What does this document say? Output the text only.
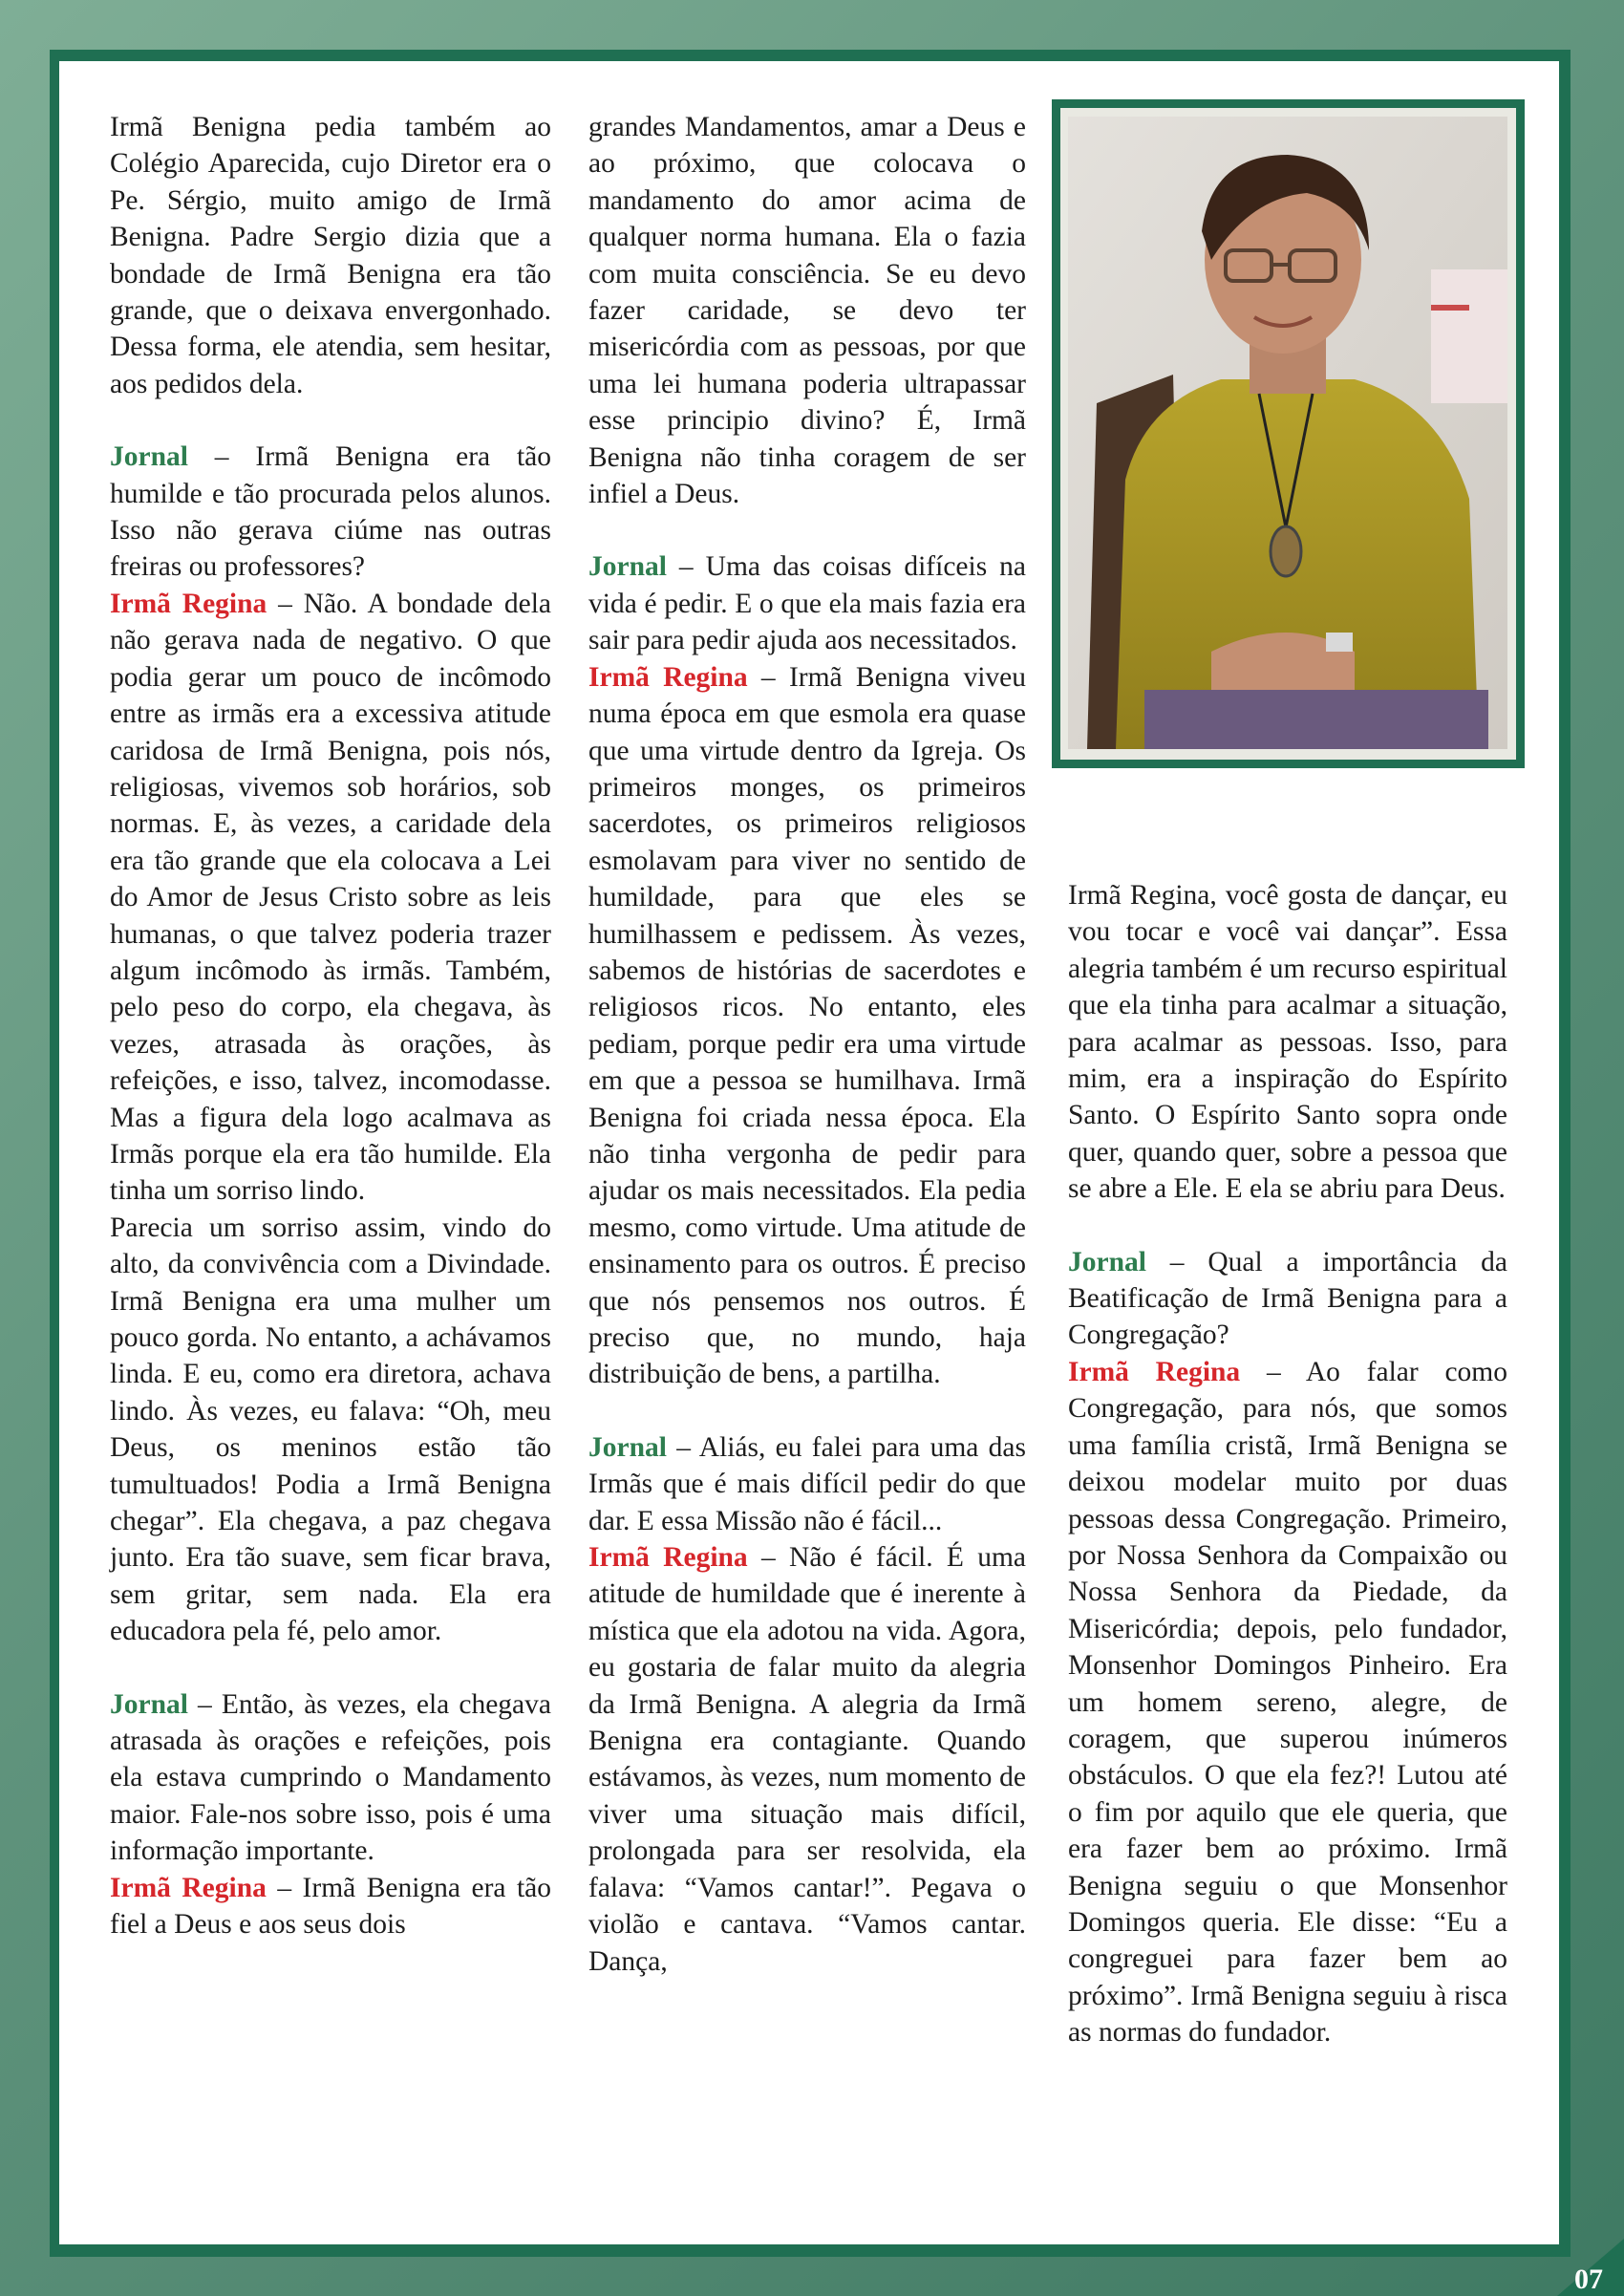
Irmã Benigna pedia também ao Colégio Aparecida, cujo Diretor era o Pe. Sérgio, muito amigo de Irmã Benigna. Padre Sergio dizia que a bondade de Irmã Benigna era tão grande, que o deixava envergonhado. Dessa forma, ele atendia, sem hesitar, aos pedidos dela.

Jornal – Irmã Benigna era tão humilde e tão procurada pelos alunos. Isso não gerava ciúme nas outras freiras ou professores?

Irmã Regina – Não. A bondade dela não gerava nada de negativo. O que podia gerar um pouco de incômodo entre as irmãs era a excessiva atitude caridosa de Irmã Benigna, pois nós, religiosas, vivemos sob horários, sob normas. E, às vezes, a caridade dela era tão grande que ela colocava a Lei do Amor de Jesus Cristo sobre as leis humanas, o que talvez poderia trazer algum incômodo às irmãs. Também, pelo peso do corpo, ela chegava, às vezes, atrasada às orações, às refeições, e isso, talvez, incomodasse. Mas a figura dela logo acalmava as Irmãs porque ela era tão humilde. Ela tinha um sorriso lindo.

Parecia um sorriso assim, vindo do alto, da convivência com a Divindade. Irmã Benigna era uma mulher um pouco gorda. No entanto, a achávamos linda. E eu, como era diretora, achava lindo. Às vezes, eu falava: “Oh, meu Deus, os meninos estão tão tumultuados! Podia a Irmã Benigna chegar”. Ela chegava, a paz chegava junto. Era tão suave, sem ficar brava, sem gritar, sem nada. Ela era educadora pela fé, pelo amor.

Jornal – Então, às vezes, ela chegava atrasada às orações e refeições, pois ela estava cumprindo o Mandamento maior. Fale-nos sobre isso, pois é uma informação importante.

Irmã Regina – Irmã Benigna era tão fiel a Deus e aos seus dois

grandes Mandamentos, amar a Deus e ao próximo, que colocava o mandamento do amor acima de qualquer norma humana. Ela o fazia com muita consciência. Se eu devo fazer caridade, se devo ter misericórdia com as pessoas, por que uma lei humana poderia ultrapassar esse principio divino? É, Irmã Benigna não tinha coragem de ser infiel a Deus.

Jornal – Uma das coisas difíceis na vida é pedir. E o que ela mais fazia era sair para pedir ajuda aos necessitados.

Irmã Regina – Irmã Benigna viveu numa época em que esmola era quase que uma virtude dentro da Igreja. Os primeiros monges, os primeiros sacerdotes, os primeiros religiosos esmolavam para viver no sentido de humildade, para que eles se humilhassem e pedissem. Às vezes, sabemos de histórias de sacerdotes e religiosos ricos. No entanto, eles pediam, porque pedir era uma virtude em que a pessoa se humilhava. Irmã Benigna foi criada nessa época. Ela não tinha vergonha de pedir para ajudar os mais necessitados. Ela pedia mesmo, como virtude. Uma atitude de ensinamento para os outros. É preciso que nós pensemos nos outros. É preciso que, no mundo, haja distribuição de bens, a partilha.

Jornal – Aliás, eu falei para uma das Irmãs que é mais difícil pedir do que dar. E essa Missão não é fácil...

Irmã Regina – Não é fácil. É uma atitude de humildade que é inerente à mística que ela adotou na vida. Agora, eu gostaria de falar muito da alegria da Irmã Benigna. A alegria da Irmã Benigna era contagiante. Quando estávamos, às vezes, num momento de viver uma situação mais difícil, prolongada para ser resolvida, ela falava: “Vamos cantar!”. Pegava o violão e cantava. “Vamos cantar. Dança,

Irmã Regina, você gosta de dançar, eu vou tocar e você vai dançar”. Essa alegria também é um recurso espiritual que ela tinha para acalmar a situação, para acalmar as pessoas. Isso, para mim, era a inspiração do Espírito Santo. O Espírito Santo sopra onde quer, quando quer, sobre a pessoa que se abre a Ele. E ela se abriu para Deus.

Jornal – Qual a importância da Beatificação de Irmã Benigna para a Congregação?

Irmã Regina – Ao falar como Congregação, para nós, que somos uma família cristã, Irmã Benigna se deixou modelar muito por duas pessoas dessa Congregação. Primeiro, por Nossa Senhora da Compaixão ou Nossa Senhora da Piedade, da Misericórdia; depois, pelo fundador, Monsenhor Domingos Pinheiro. Era um homem sereno, alegre, de coragem, que superou inúmeros obstáculos. O que ela fez?! Lutou até o fim por aquilo que ele queria, que era fazer bem ao próximo. Irmã Benigna seguiu o que Monsenhor Domingos queria. Ele disse: “Eu a congreguei para fazer bem ao próximo”. Irmã Benigna seguiu à risca as normas do fundador.

07
